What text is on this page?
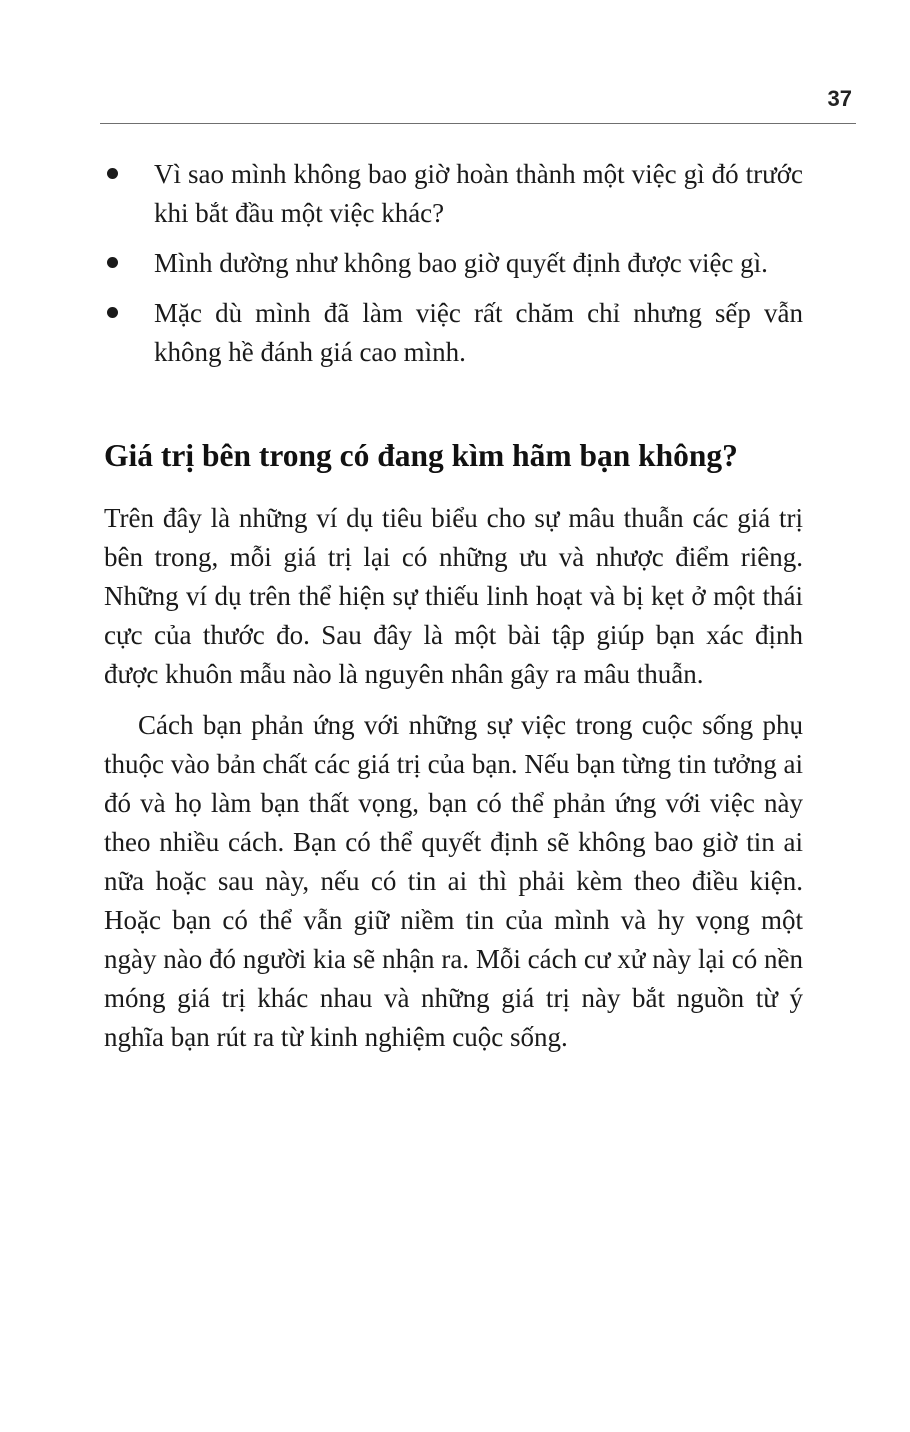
37
Vì sao mình không bao giờ hoàn thành một việc gì đó trước khi bắt đầu một việc khác?
Mình dường như không bao giờ quyết định được việc gì.
Mặc dù mình đã làm việc rất chăm chỉ nhưng sếp vẫn không hề đánh giá cao mình.
Giá trị bên trong có đang kìm hãm bạn không?

Trên đây là những ví dụ tiêu biểu cho sự mâu thuẫn các giá trị bên trong, mỗi giá trị lại có những ưu và nhược điểm riêng. Những ví dụ trên thể hiện sự thiếu linh hoạt và bị kẹt ở một thái cực của thước đo. Sau đây là một bài tập giúp bạn xác định được khuôn mẫu nào là nguyên nhân gây ra mâu thuẫn.

Cách bạn phản ứng với những sự việc trong cuộc sống phụ thuộc vào bản chất các giá trị của bạn. Nếu bạn từng tin tưởng ai đó và họ làm bạn thất vọng, bạn có thể phản ứng với việc này theo nhiều cách. Bạn có thể quyết định sẽ không bao giờ tin ai nữa hoặc sau này, nếu có tin ai thì phải kèm theo điều kiện. Hoặc bạn có thể vẫn giữ niềm tin của mình và hy vọng một ngày nào đó người kia sẽ nhận ra. Mỗi cách cư xử này lại có nền móng giá trị khác nhau và những giá trị này bắt nguồn từ ý nghĩa bạn rút ra từ kinh nghiệm cuộc sống.
